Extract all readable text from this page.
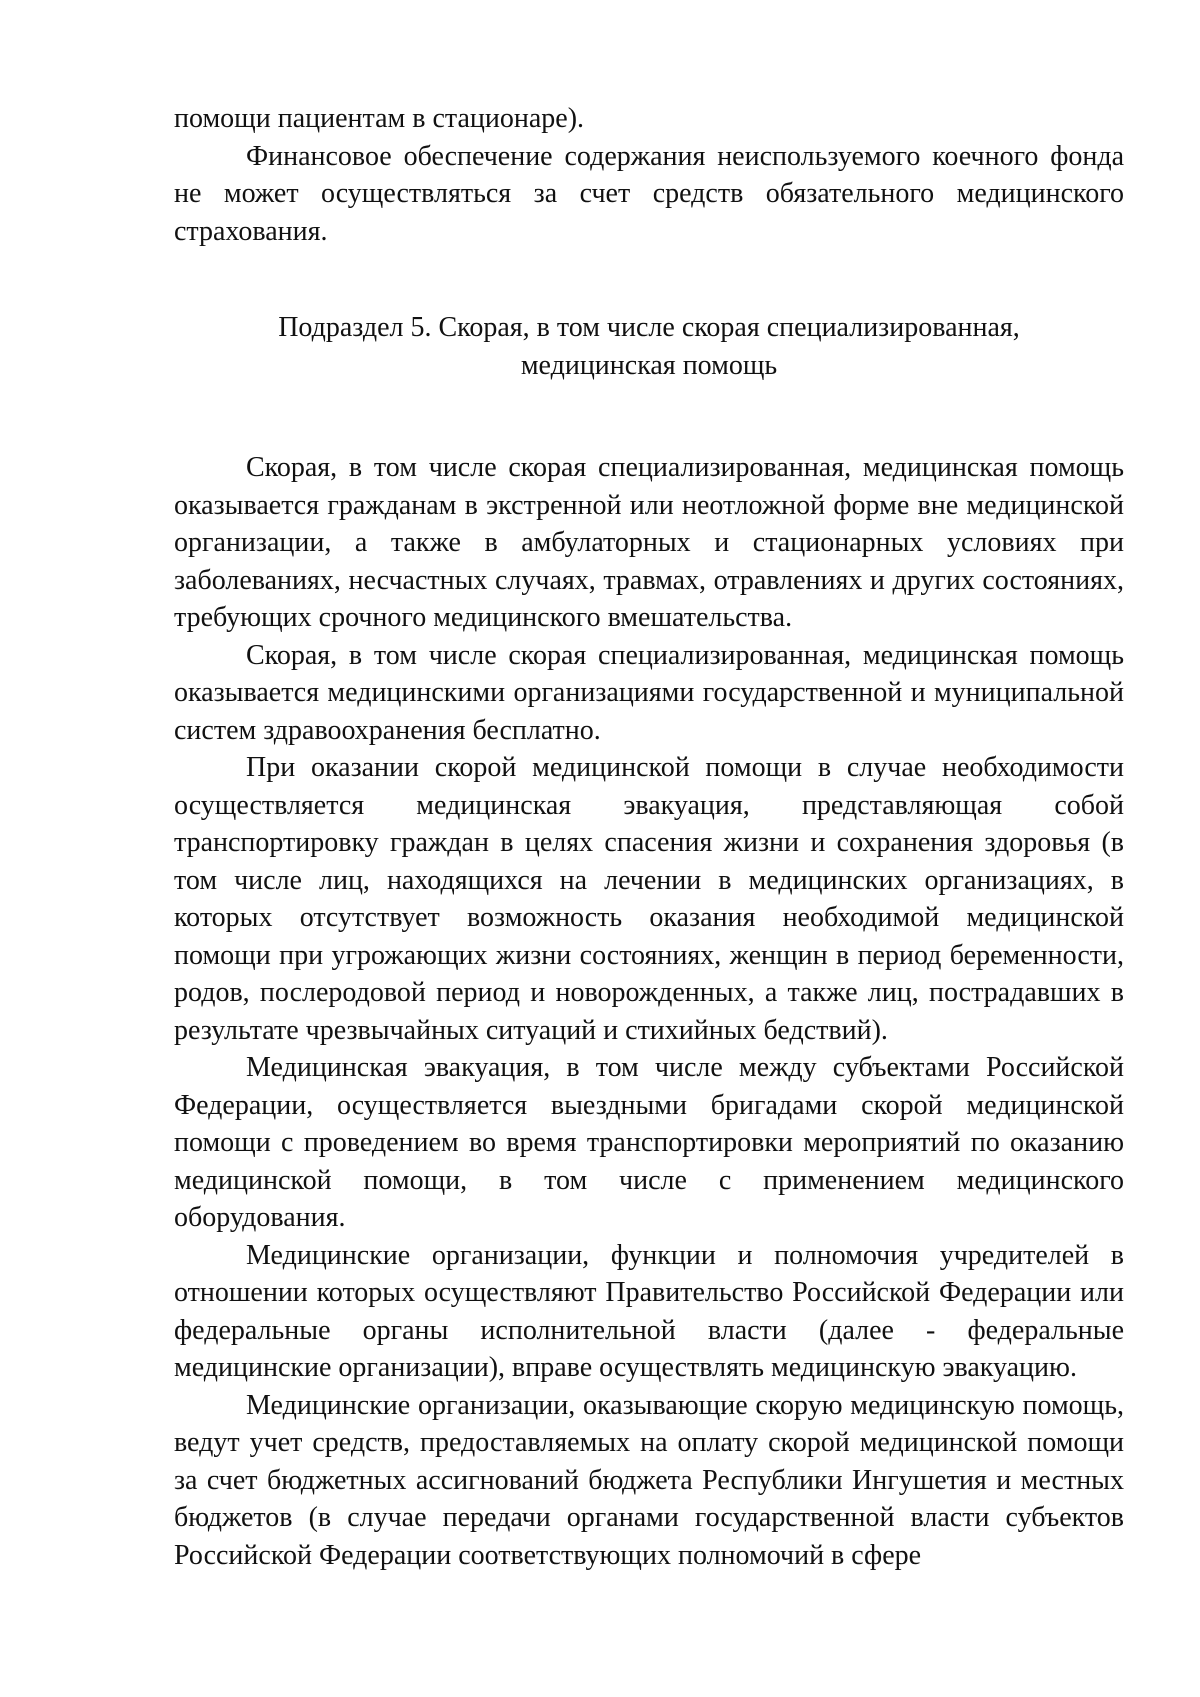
помощи пациентам в стационаре).

Финансовое обеспечение содержания неиспользуемого коечного фонда не может осуществляться за счет средств обязательного медицинского страхования.

Подраздел 5. Скорая, в том числе скорая специализированная,
медицинская помощь

Скорая, в том числе скорая специализированная, медицинская помощь оказывается гражданам в экстренной или неотложной форме вне медицинской организации, а также в амбулаторных и стационарных условиях при заболеваниях, несчастных случаях, травмах, отравлениях и других состояниях, требующих срочного медицинского вмешательства.

Скорая, в том числе скорая специализированная, медицинская помощь оказывается медицинскими организациями государственной и муниципальной систем здравоохранения бесплатно.

При оказании скорой медицинской помощи в случае необходимости осуществляется медицинская эвакуация, представляющая собой транспортировку граждан в целях спасения жизни и сохранения здоровья (в том числе лиц, находящихся на лечении в медицинских организациях, в которых отсутствует возможность оказания необходимой медицинской помощи при угрожающих жизни состояниях, женщин в период беременности, родов, послеродовой период и новорожденных, а также лиц, пострадавших в результате чрезвычайных ситуаций и стихийных бедствий).

Медицинская эвакуация, в том числе между субъектами Российской Федерации, осуществляется выездными бригадами скорой медицинской помощи с проведением во время транспортировки мероприятий по оказанию медицинской помощи, в том числе с применением медицинского оборудования.

Медицинские организации, функции и полномочия учредителей в отношении которых осуществляют Правительство Российской Федерации или федеральные органы исполнительной власти (далее - федеральные медицинские организации), вправе осуществлять медицинскую эвакуацию.

Медицинские организации, оказывающие скорую медицинскую помощь, ведут учет средств, предоставляемых на оплату скорой медицинской помощи за счет бюджетных ассигнований бюджета Республики Ингушетия и местных бюджетов (в случае передачи органами государственной власти субъектов Российской Федерации соответствующих полномочий в сфере
